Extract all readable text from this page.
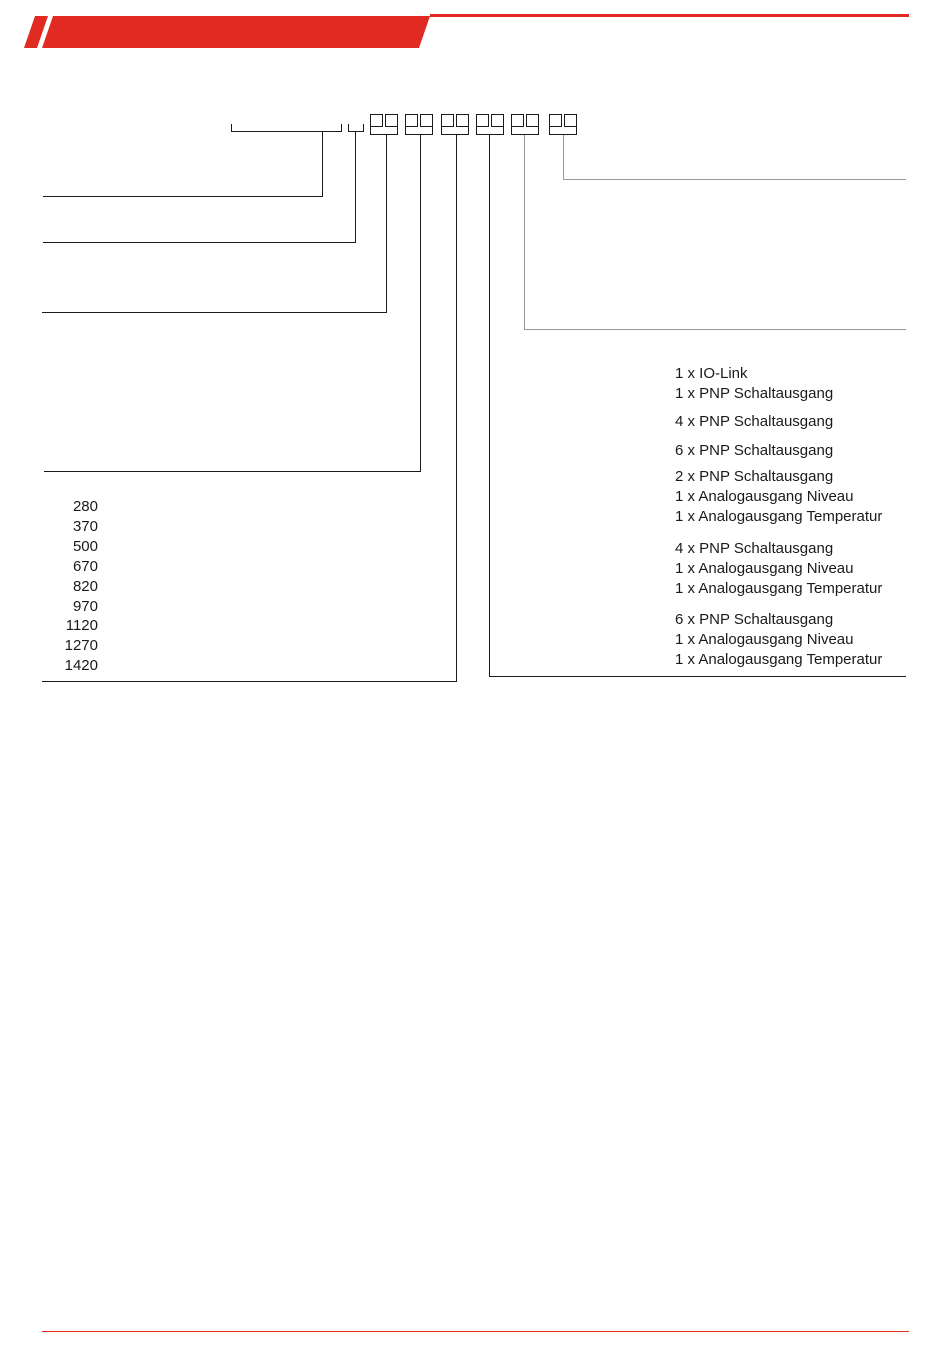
280
370
500
670
820
970
1120
1270
1420
1 x IO-Link
1 x PNP Schaltausgang
4 x PNP Schaltausgang
6 x PNP Schaltausgang
2 x PNP Schaltausgang
1 x Analogausgang Niveau
1 x Analogausgang Temperatur
4 x PNP Schaltausgang
1 x Analogausgang Niveau
1 x Analogausgang Temperatur
6 x PNP Schaltausgang
1 x Analogausgang Niveau
1 x Analogausgang Temperatur
